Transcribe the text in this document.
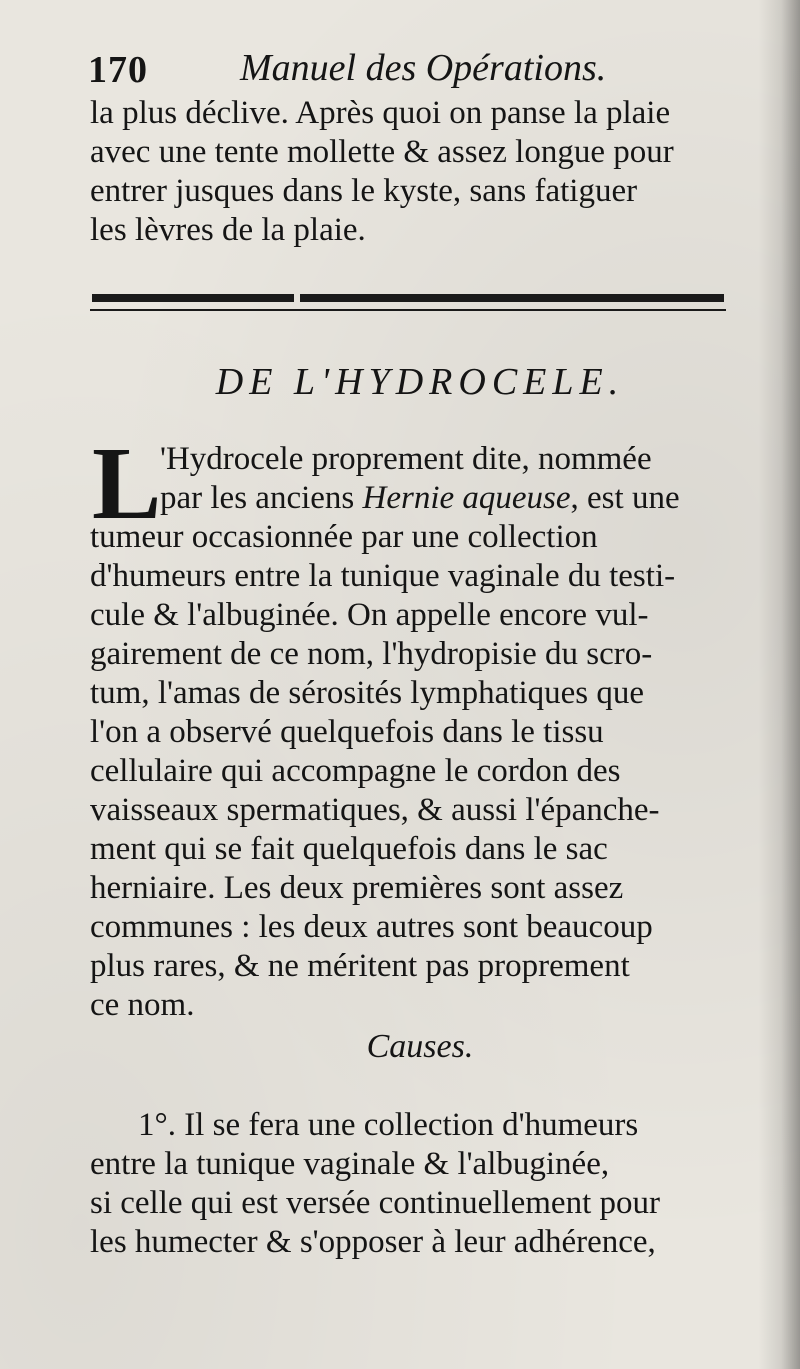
170 Manuel des Opérations.
la plus déclive. Après quoi on panse la plaie
avec une tente mollette & assez longue pour
entrer jusques dans le kyste, sans fatiguer
les lèvres de la plaie.
DE L'HYDROCELE.
L
'Hydrocele proprement dite, nommée
par les anciens Hernie aqueuse, est une
tumeur occasionnée par une collection
d'humeurs entre la tunique vaginale du testi-
cule & l'albuginée. On appelle encore vul-
gairement de ce nom, l'hydropisie du scro-
tum, l'amas de sérosités lymphatiques que
l'on a observé quelquefois dans le tissu
cellulaire qui accompagne le cordon des
vaisseaux spermatiques, & aussi l'épanche-
ment qui se fait quelquefois dans le sac
herniaire. Les deux premières sont assez
communes : les deux autres sont beaucoup
plus rares, & ne méritent pas proprement
ce nom.
Causes.
1°. Il se fera une collection d'humeurs
entre la tunique vaginale & l'albuginée,
si celle qui est versée continuellement pour
les humecter & s'opposer à leur adhérence,
